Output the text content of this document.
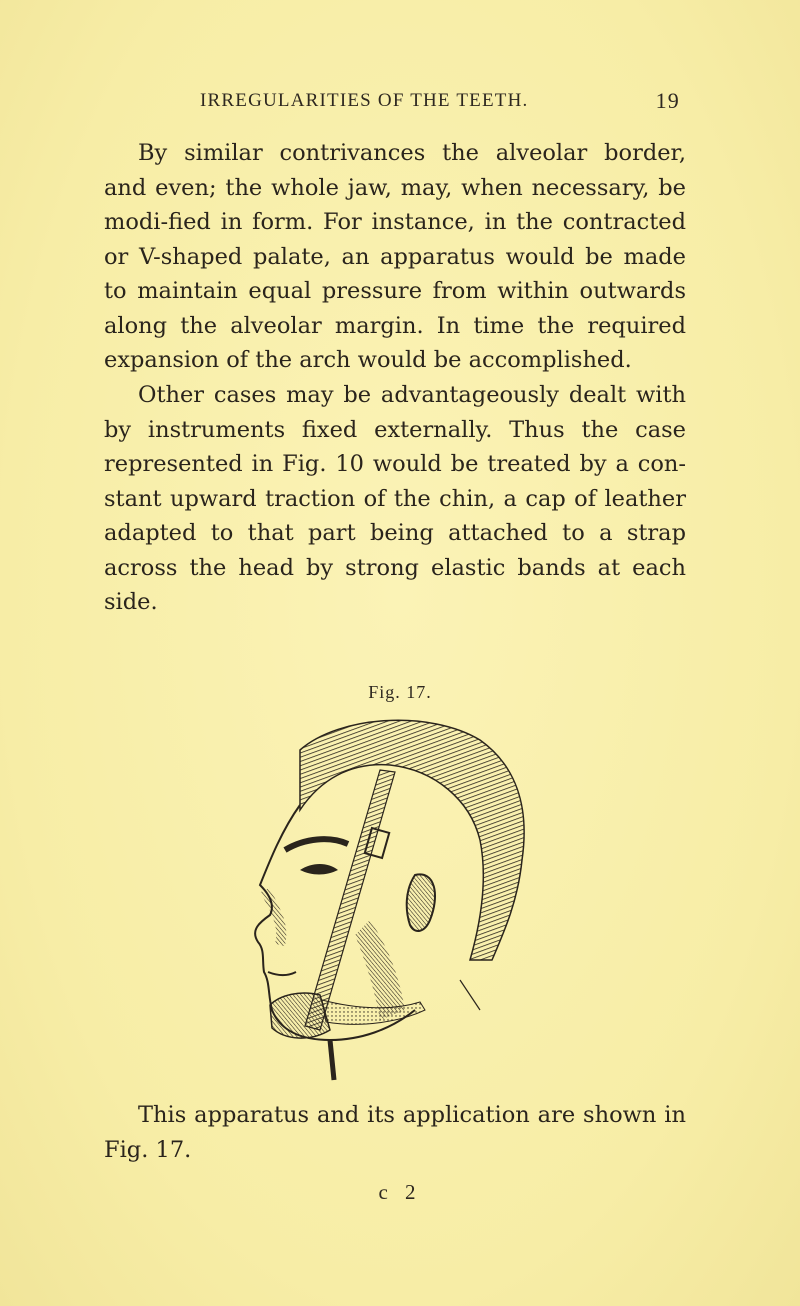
IRREGULARITIES OF THE TEETH.	19

By similar contrivances the alveolar border, and even; the whole jaw, may, when necessary, be modi-fied in form. For instance, in the contracted or V-shaped palate, an apparatus would be made to maintain equal pressure from within outwards along the alveolar margin. In time the required expansion of the arch would be accomplished.

Other cases may be advantageously dealt with by instruments fixed externally. Thus the case represented in Fig. 10 would be treated by a con-stant upward traction of the chin, a cap of leather adapted to that part being attached to a strap across the head by strong elastic bands at each side.

Fig. 17.

This apparatus and its application are shown in Fig. 17.

c 2
